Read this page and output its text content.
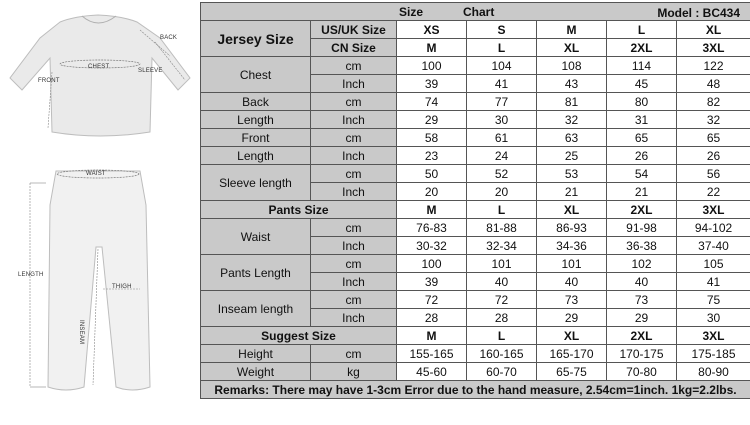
BACK
CHEST
FRONT
SLEEVE
WAIST
LENGTH
THIGH
INSEAM
Size Chart Model : BC434						

Jersey Size	US/UK Size	XS	S	M	L	XL
	CN Size	M	L	XL	2XL	3XL
Chest	cm	100	104	108	114	122
	Inch	39	41	43	45	48
Back	cm	74	77	81	80	82
Length	Inch	29	30	32	31	32
Front	cm	58	61	63	65	65
Length	Inch	23	24	25	26	26
Sleeve length	cm	50	52	53	54	56
	Inch	20	20	21	21	22
Pants Size		M	L	XL	2XL	3XL
Waist	cm	76-83	81-88	86-93	91-98	94-102
	Inch	30-32	32-34	34-36	36-38	37-40
Pants Length	cm	100	101	101	102	105
	Inch	39	40	40	40	41
Inseam length	cm	72	72	73	73	75
	Inch	28	28	29	29	30
Suggest Size		M	L	XL	2XL	3XL
Height	cm	155-165	160-165	165-170	170-175	175-185
Weight	kg	45-60	60-70	65-75	70-80	80-90
Remarks: There may have 1-3cm Error due to the hand measure, 2.54cm=1inch. 1kg=2.2lbs.						
